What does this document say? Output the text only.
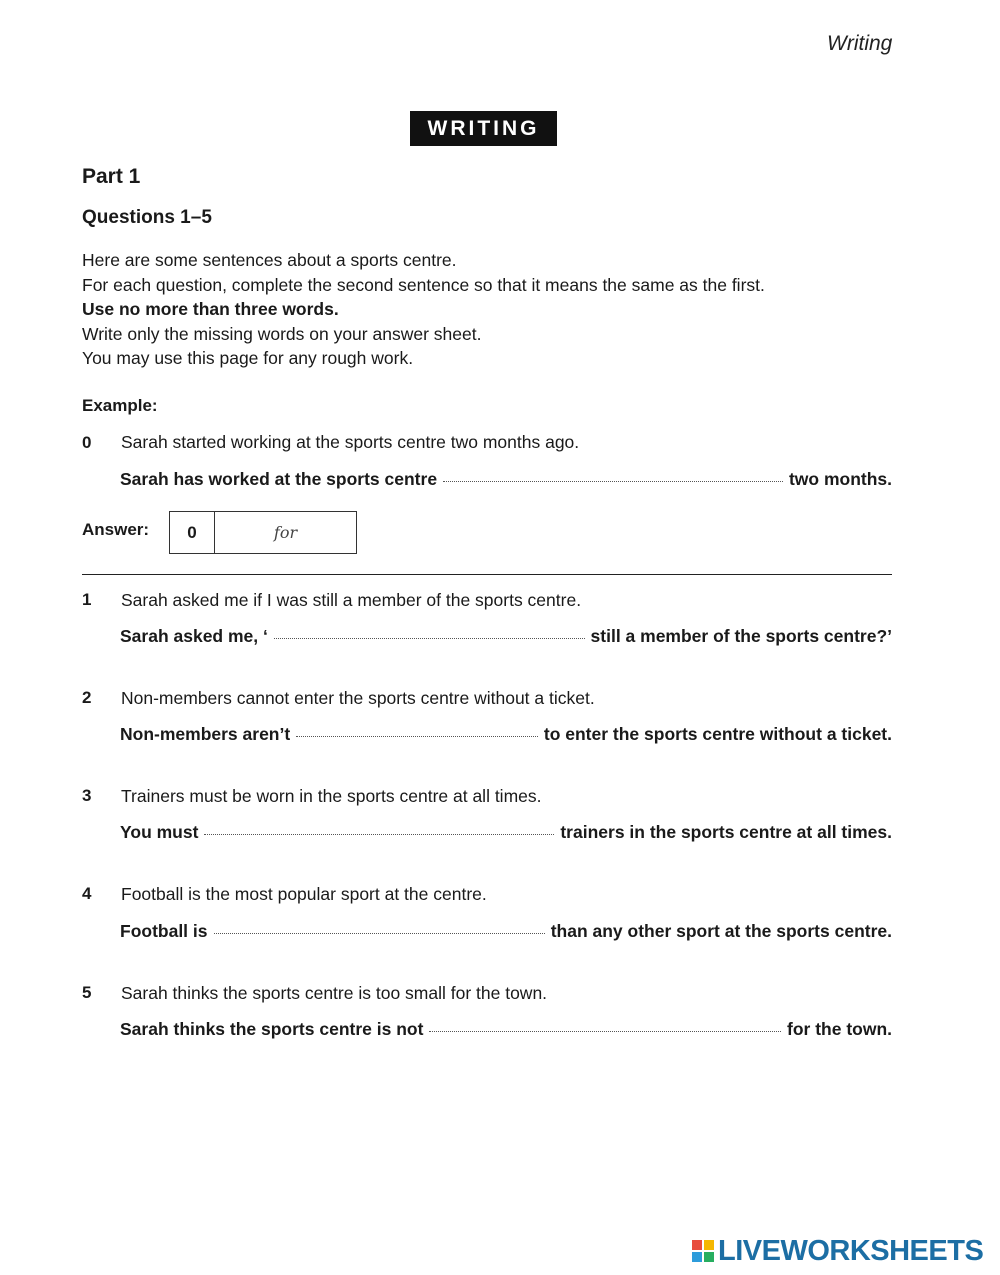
Writing
WRITING
Part 1
Questions 1–5
Here are some sentences about a sports centre.
For each question, complete the second sentence so that it means the same as the first.
Use no more than three words.
Write only the missing words on your answer sheet.
You may use this page for any rough work.
Example:
0 Sarah started working at the sports centre two months ago.
Sarah has worked at the sports centre	two months.
Answer:	0	for
1 Sarah asked me if I was still a member of the sports centre.
Sarah asked me, ‘	still a member of the sports centre?’
2 Non-members cannot enter the sports centre without a ticket.
Non-members aren’t	to enter the sports centre without a ticket.
3 Trainers must be worn in the sports centre at all times.
You must	trainers in the sports centre at all times.
4 Football is the most popular sport at the centre.
Football is	than any other sport at the sports centre.
5 Sarah thinks the sports centre is too small for the town.
Sarah thinks the sports centre is not	for the town.
LIVEWORKSHEETS
